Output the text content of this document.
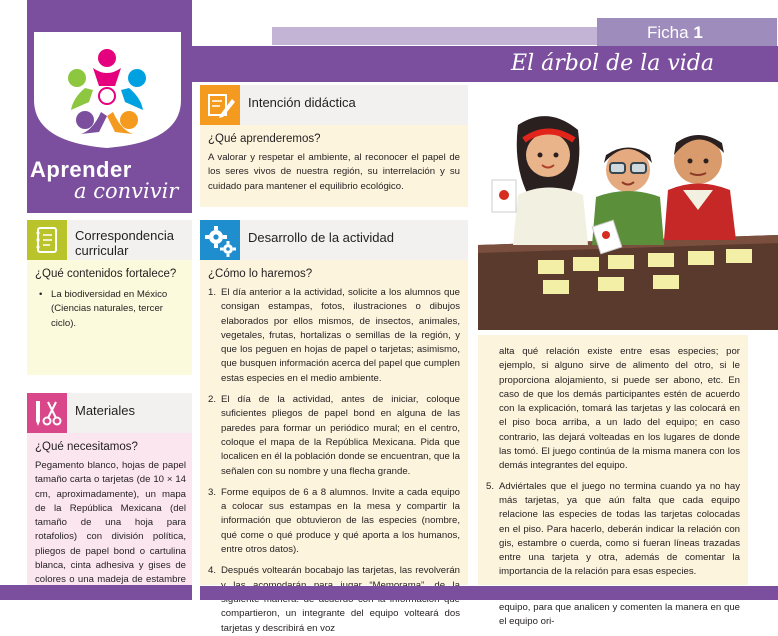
Aprender
a convivir
Ficha 1
El árbol de la vida
Intención didáctica
¿Qué aprenderemos?
A valorar y respetar el ambiente, al reconocer el papel de los seres vivos de nuestra región, su interrelación y su cuidado para mantener el equilibrio ecológico.
Correspondencia
curricular
¿Qué contenidos fortalece?
• La biodiversidad en México (Ciencias naturales, tercer ciclo).
Materiales
¿Qué necesitamos?
Pegamento blanco, hojas de papel tamaño carta o tarjetas (de 10 × 14 cm, aproximadamente), un mapa de la República Mexicana (del tamaño de una hoja para rotafolios) con división política, pliegos de papel bond o cartulina blanca, cinta adhesiva y gises de colores o una madeja de estambre
Desarrollo de la actividad
¿Cómo lo haremos?
1. El día anterior a la actividad, solicite a los alumnos que consigan estampas, fotos, ilustraciones o dibujos elaborados por ellos mismos, de insectos, animales, vegetales, frutas, hortalizas o semillas de la región, y que los peguen en hojas de papel o tarjetas; asimismo, que busquen información acerca del papel que cumplen estas especies en el medio ambiente.
2. El día de la actividad, antes de iniciar, coloque suficientes pliegos de papel bond en alguna de las paredes para formar un periódico mural; en el centro, coloque el mapa de la República Mexicana. Pida que localicen en él la población donde se encuentran, que la señalen con su nombre y una flecha grande.
3. Forme equipos de 6 a 8 alumnos. Invite a cada equipo a colocar sus estampas en la mesa y compartir la información que obtuvieron de las especies (nombre, qué come o qué produce y qué aporta a los humanos, entre otros datos).
4. Después voltearán bocabajo las tarjetas, las revolverán compartieron, un integrante del equipo volteará dos tarjetas y describirá en voz
alta qué relación existe entre esas especies; por ejemplo, si alguno sirve de alimento del otro, si le proporciona alojamiento, si puede ser abono, etc. En caso de que los demás participantes estén de acuerdo con la explicación, tomará las tarjetas y las colocará en el piso boca arriba, a un lado del equipo; en caso contrario, las dejará volteadas en los lugares de donde las tomó. El juego continúa de la misma manera con los demás integrantes del equipo.
5. Adviértales que el juego no termina cuando ya no hay más tarjetas, ya que aún falta que cada equipo relacione las especies de todas las tarjetas colocadas en el piso. Para hacerlo, deberán indicar la relación con gis, estambre o cuerda, como si fueran líneas trazadas entre una tarjeta y otra, además de comentar la importancia de la relación para esas especies.
equipo, para que analicen y comenten la manera en que el equipo ori-
